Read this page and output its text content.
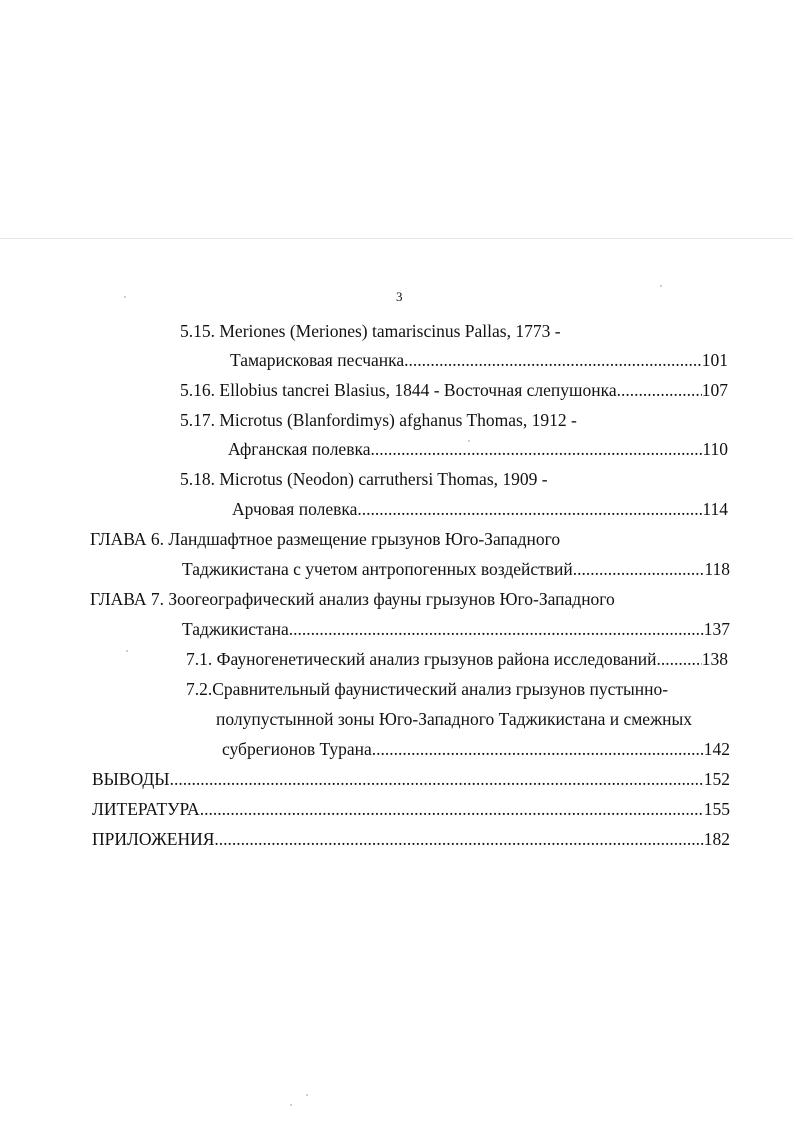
3
5.15. Meriones (Meriones) tamariscinus Pallas, 1773 -
Тамарисковая песчанка .....	101
5.16. Ellobius tancrei Blasius, 1844 - Восточная слепушонка .....	107
5.17. Microtus (Blanfordimys) afghanus Thomas, 1912 -
Афганская полевка .....	110
5.18. Microtus (Neodon) carruthersi Thomas, 1909 -
Арчовая полевка .....	114
ГЛАВА 6. Ландшафтное размещение грызунов Юго-Западного
Таджикистана с учетом антропогенных воздействий .....	118
ГЛАВА 7. Зоогеографический анализ фауны грызунов Юго-Западного
Таджикистана .....	137
7.1. Фауногенетический анализ грызунов района исследований .....	138
7.2.Сравнительный фаунистический анализ грызунов пустынно-
полупустынной зоны Юго-Западного Таджикистана и смежных
субрегионов Турана .....	142
ВЫВОДЫ .....	152
ЛИТЕРАТУРА .....	155
ПРИЛОЖЕНИЯ .....	182
